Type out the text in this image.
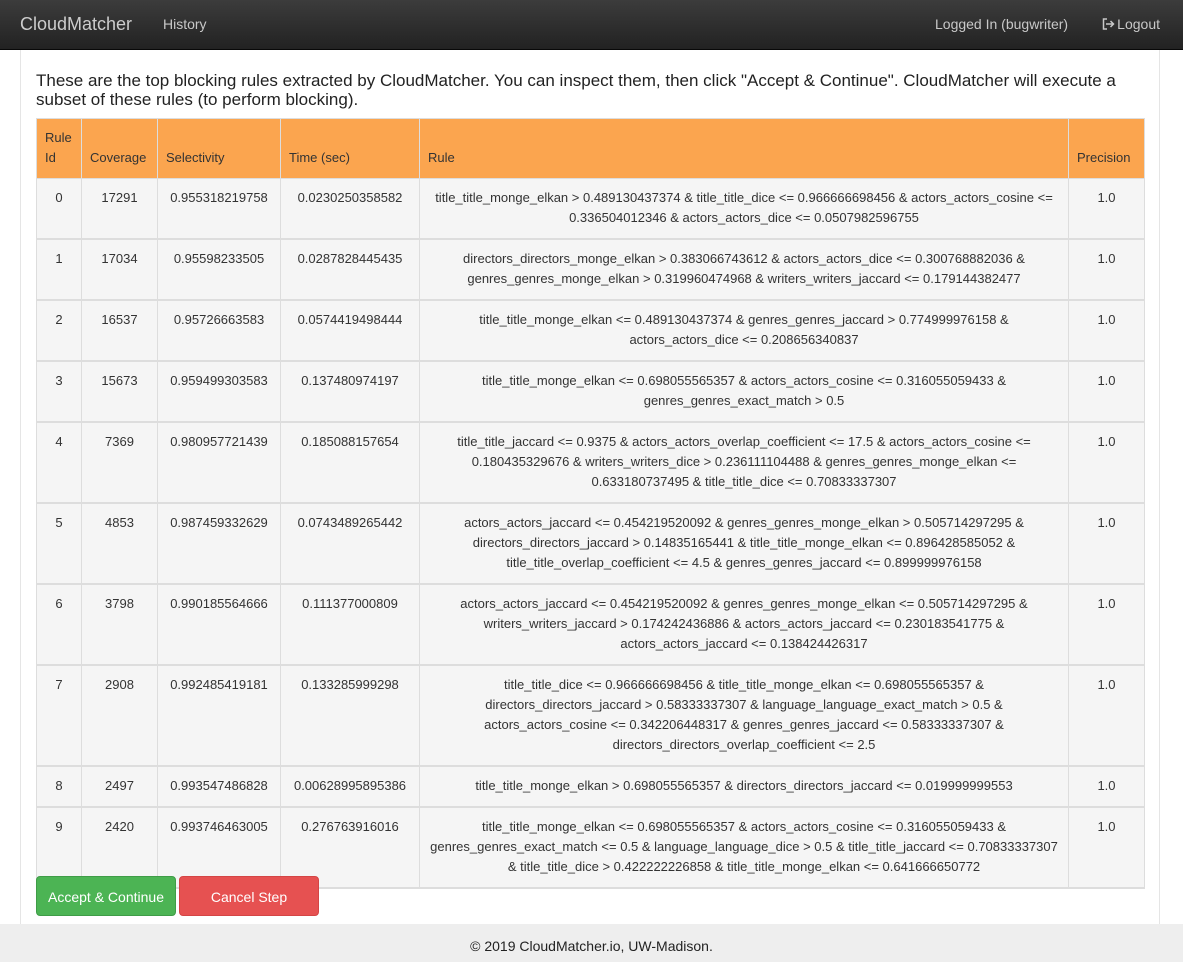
CloudMatcher History	Logged In (bugwriter)	Logout
These are the top blocking rules extracted by CloudMatcher. You can inspect them, then click "Accept & Continue". CloudMatcher will execute a subset of these rules (to perform blocking).
Rule Id	Coverage	Selectivity	Time (sec)	Rule	Precision
0	17291	0.955318219758	0.0230250358582	title_title_monge_elkan > 0.489130437374 & title_title_dice <= 0.966666698456 & actors_actors_cosine <= 0.336504012346 & actors_actors_dice <= 0.0507982596755	1.0
1	17034	0.95598233505	0.0287828445435	directors_directors_monge_elkan > 0.383066743612 & actors_actors_dice <= 0.300768882036 & genres_genres_monge_elkan > 0.319960474968 & writers_writers_jaccard <= 0.179144382477	1.0
2	16537	0.95726663583	0.0574419498444	title_title_monge_elkan <= 0.489130437374 & genres_genres_jaccard > 0.774999976158 & actors_actors_dice <= 0.208656340837	1.0
3	15673	0.959499303583	0.137480974197	title_title_monge_elkan <= 0.698055565357 & actors_actors_cosine <= 0.316055059433 & genres_genres_exact_match > 0.5	1.0
4	7369	0.980957721439	0.185088157654	title_title_jaccard <= 0.9375 & actors_actors_overlap_coefficient <= 17.5 & actors_actors_cosine <= 0.180435329676 & writers_writers_dice > 0.236111104488 & genres_genres_monge_elkan <= 0.633180737495 & title_title_dice <= 0.70833337307	1.0
5	4853	0.987459332629	0.0743489265442	actors_actors_jaccard <= 0.454219520092 & genres_genres_monge_elkan > 0.505714297295 & directors_directors_jaccard > 0.14835165441 & title_title_monge_elkan <= 0.896428585052 & title_title_overlap_coefficient <= 4.5 & genres_genres_jaccard <= 0.899999976158	1.0
6	3798	0.990185564666	0.111377000809	actors_actors_jaccard <= 0.454219520092 & genres_genres_monge_elkan <= 0.505714297295 & writers_writers_jaccard > 0.174242436886 & actors_actors_jaccard <= 0.230183541775 & actors_actors_jaccard <= 0.138424426317	1.0
7	2908	0.992485419181	0.133285999298	title_title_dice <= 0.966666698456 & title_title_monge_elkan <= 0.698055565357 & directors_directors_jaccard > 0.58333337307 & language_language_exact_match > 0.5 & actors_actors_cosine <= 0.342206448317 & genres_genres_jaccard <= 0.58333337307 & directors_directors_overlap_coefficient <= 2.5	1.0
8	2497	0.993547486828	0.00628995895386	title_title_monge_elkan > 0.698055565357 & directors_directors_jaccard <= 0.019999999553	1.0
9	2420	0.993746463005	0.276763916016	title_title_monge_elkan <= 0.698055565357 & actors_actors_cosine <= 0.316055059433 & genres_genres_exact_match <= 0.5 & language_language_dice > 0.5 & title_title_jaccard <= 0.70833337307 & title_title_dice > 0.422222226858 & title_title_monge_elkan <= 0.641666650772	1.0
Accept & Continue	Cancel Step
© 2019 CloudMatcher.io, UW-Madison.
